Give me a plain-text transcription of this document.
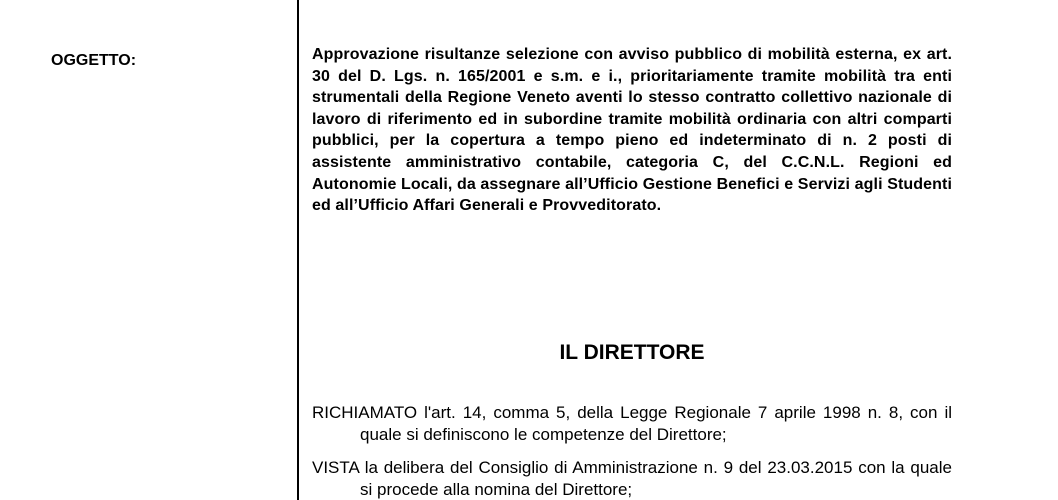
OGGETTO:	Approvazione risultanze selezione con avviso pubblico di mobilità esterna, ex art. 30 del D. Lgs. n. 165/2001 e s.m. e i., prioritariamente tramite mobilità tra enti strumentali della Regione Veneto aventi lo stesso contratto collettivo nazionale di lavoro di riferimento ed in subordine tramite mobilità ordinaria con altri comparti pubblici, per la copertura a tempo pieno ed indeterminato di n. 2 posti di assistente amministrativo contabile, categoria C, del C.C.N.L. Regioni ed Autonomie Locali, da assegnare all’Ufficio Gestione Benefici e Servizi agli Studenti ed all’Ufficio Affari Generali e Provveditorato.
IL DIRETTORE
RICHIAMATO l'art. 14, comma 5, della Legge Regionale 7 aprile 1998 n. 8, con il quale si definiscono le competenze del Direttore;
VISTA la delibera del Consiglio di Amministrazione n. 9 del 23.03.2015 con la quale si procede alla nomina del Direttore;
